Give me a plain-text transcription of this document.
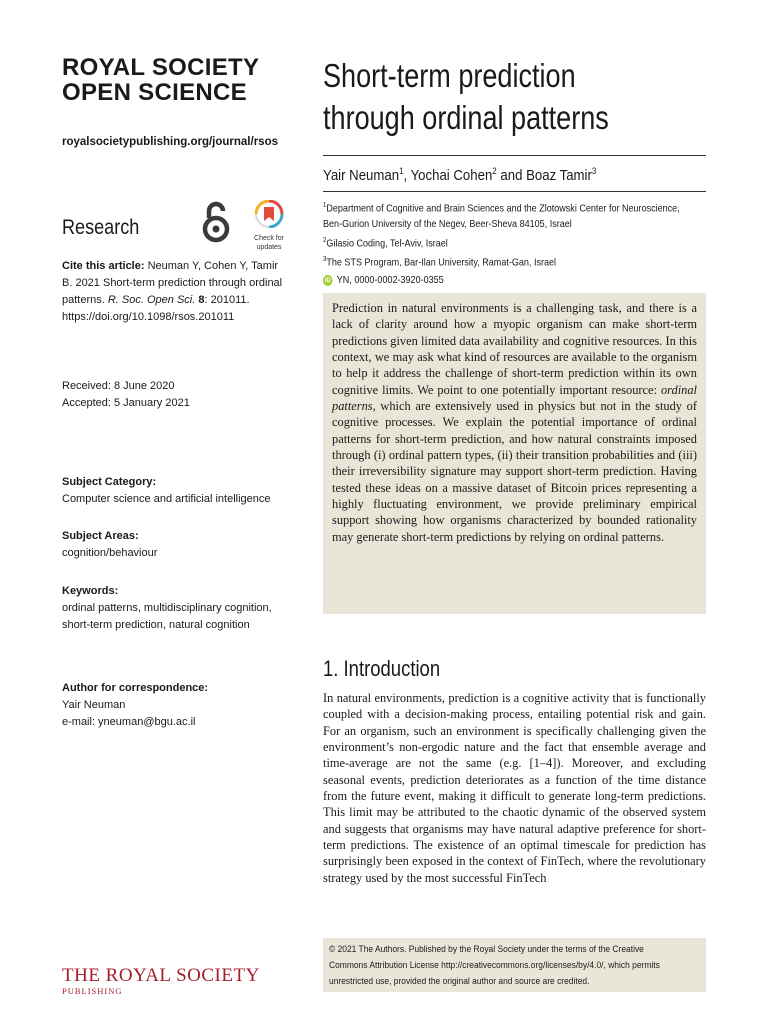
ROYAL SOCIETY
OPEN SCIENCE
royalsocietypublishing.org/journal/rsos
Research	Check for
updates
Cite this article: Neuman Y, Cohen Y, Tamir B. 2021 Short-term prediction through ordinal patterns. R. Soc. Open Sci. 8: 201011.
https://doi.org/10.1098/rsos.201011
Received: 8 June 2020
Accepted: 5 January 2021
Subject Category:
Computer science and artificial intelligence
Subject Areas:
cognition/behaviour
Keywords:
ordinal patterns, multidisciplinary cognition,
short-term prediction, natural cognition
Author for correspondence:
Yair Neuman
e-mail: yneuman@bgu.ac.il
THE ROYAL SOCIETY
PUBLISHING
Short-term prediction
through ordinal patterns
Yair Neuman$^1$, Yochai Cohen$^2$ and Boaz Tamir$^3$
$^1$Department of Cognitive and Brain Sciences and the Zlotowski Center for Neuroscience,
Ben-Gurion University of the Negev, Beer-Sheva 84105, Israel
$^2$Gilasio Coding, Tel-Aviv, Israel
$^3$The STS Program, Bar-Ilan University, Ramat-Gan, Israel
iD YN, 0000-0002-3920-0355
Prediction in natural environments is a challenging task, and there is a lack of clarity around how a myopic organism can make short-term predictions given limited data availability and cognitive resources. In this context, we may ask what kind of resources are available to the organism to help it address the challenge of short-term prediction within its own cognitive limits. We point to one potentially important resource: ordinal patterns, which are extensively used in physics but not in the study of cognitive processes. We explain the potential importance of ordinal patterns for short-term prediction, and how natural constraints imposed through (i) ordinal pattern types, (ii) their transition probabilities and (iii) their irreversibility signature may support short-term prediction. Having tested these ideas on a massive dataset of Bitcoin prices representing a highly fluctuating environment, we provide preliminary empirical support showing how organisms characterized by bounded rationality may generate short-term predictions by relying on ordinal patterns.
1. Introduction
In natural environments, prediction is a cognitive activity that is functionally coupled with a decision-making process, entailing potential risk and gain. For an organism, such an environment is specifically challenging given the environment’s non-ergodic nature and the fact that ensemble average and time-average are not the same (e.g. [1–4]). Moreover, and excluding seasonal events, prediction deteriorates as a function of the time distance from the future event, making it difficult to generate long-term predictions. This limit may be attributed to the chaotic dynamic of the observed system and suggests that organisms may have natural adaptive preference for short-term predictions. The existence of an optimal timescale for prediction has surprisingly been exposed in the context of FinTech, where the revolutionary strategy used by the most successful FinTech
© 2021 The Authors. Published by the Royal Society under the terms of the Creative
Commons Attribution License http://creativecommons.org/licenses/by/4.0/, which permits
unrestricted use, provided the original author and source are credited.
